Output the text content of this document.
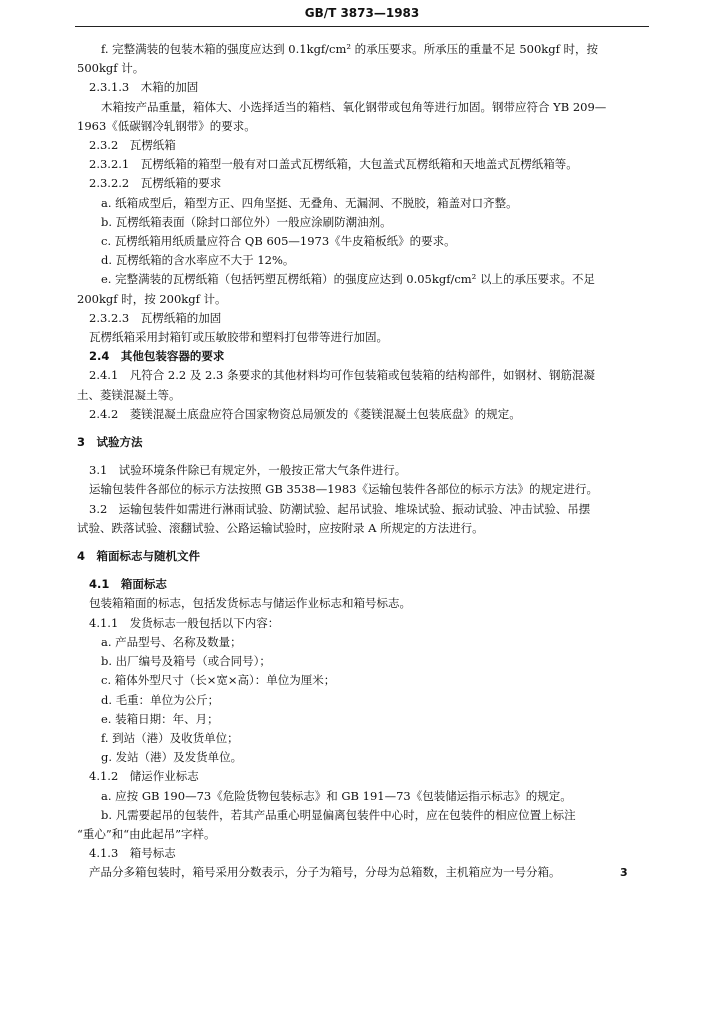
GB/T 3873—1983
f. 完整满装的包装木箱的强度应达到 0.1kgf/cm² 的承压要求。所承压的重量不足 500kgf 时，按
500kgf 计。
2.3.1.3　木箱的加固
木箱按产品重量，箱体大、小选择适当的箱档、氧化钢带或包角等进行加固。钢带应符合 YB 209—
1963《低碳钢冷轧钢带》的要求。
2.3.2　瓦楞纸箱
2.3.2.1　瓦楞纸箱的箱型一般有对口盖式瓦楞纸箱，大包盖式瓦楞纸箱和天地盖式瓦楞纸箱等。
2.3.2.2　瓦楞纸箱的要求
a. 纸箱成型后，箱型方正、四角坚挺、无叠角、无漏洞、不脱胶，箱盖对口齐整。
b. 瓦楞纸箱表面（除封口部位外）一般应涂刷防潮油剂。
c. 瓦楞纸箱用纸质量应符合 QB 605—1973《牛皮箱板纸》的要求。
d. 瓦楞纸箱的含水率应不大于 12%。
e. 完整满装的瓦楞纸箱（包括钙塑瓦楞纸箱）的强度应达到 0.05kgf/cm² 以上的承压要求。不足
200kgf 时，按 200kgf 计。
2.3.2.3　瓦楞纸箱的加固
瓦楞纸箱采用封箱钉或压敏胶带和塑料打包带等进行加固。
2.4　其他包装容器的要求
2.4.1　凡符合 2.2 及 2.3 条要求的其他材料均可作包装箱或包装箱的结构部件，如钢材、钢筋混凝
土、菱镁混凝土等。
2.4.2　菱镁混凝土底盘应符合国家物资总局颁发的《菱镁混凝土包装底盘》的规定。
3　试验方法
3.1　试验环境条件除已有规定外，一般按正常大气条件进行。
运输包装件各部位的标示方法按照 GB 3538—1983《运输包装件各部位的标示方法》的规定进行。
3.2　运输包装件如需进行淋雨试验、防潮试验、起吊试验、堆垛试验、振动试验、冲击试验、吊摆
试验、跌落试验、滚翻试验、公路运输试验时，应按附录 A 所规定的方法进行。
4　箱面标志与随机文件
4.1　箱面标志
包装箱箱面的标志，包括发货标志与储运作业标志和箱号标志。
4.1.1　发货标志一般包括以下内容：
a. 产品型号、名称及数量；
b. 出厂编号及箱号（或合同号）；
c. 箱体外型尺寸（长×宽×高）：单位为厘米；
d. 毛重：单位为公斤；
e. 装箱日期：年、月；
f. 到站（港）及收货单位；
g. 发站（港）及发货单位。
4.1.2　储运作业标志
a. 应按 GB 190—73《危险货物包装标志》和 GB 191—73《包装储运指示标志》的规定。
b. 凡需要起吊的包装件，若其产品重心明显偏离包装件中心时，应在包装件的相应位置上标注
“重心”和“由此起吊”字样。
4.1.3　箱号标志
产品分多箱包装时，箱号采用分数表示，分子为箱号，分母为总箱数，主机箱应为一号分箱。	3
